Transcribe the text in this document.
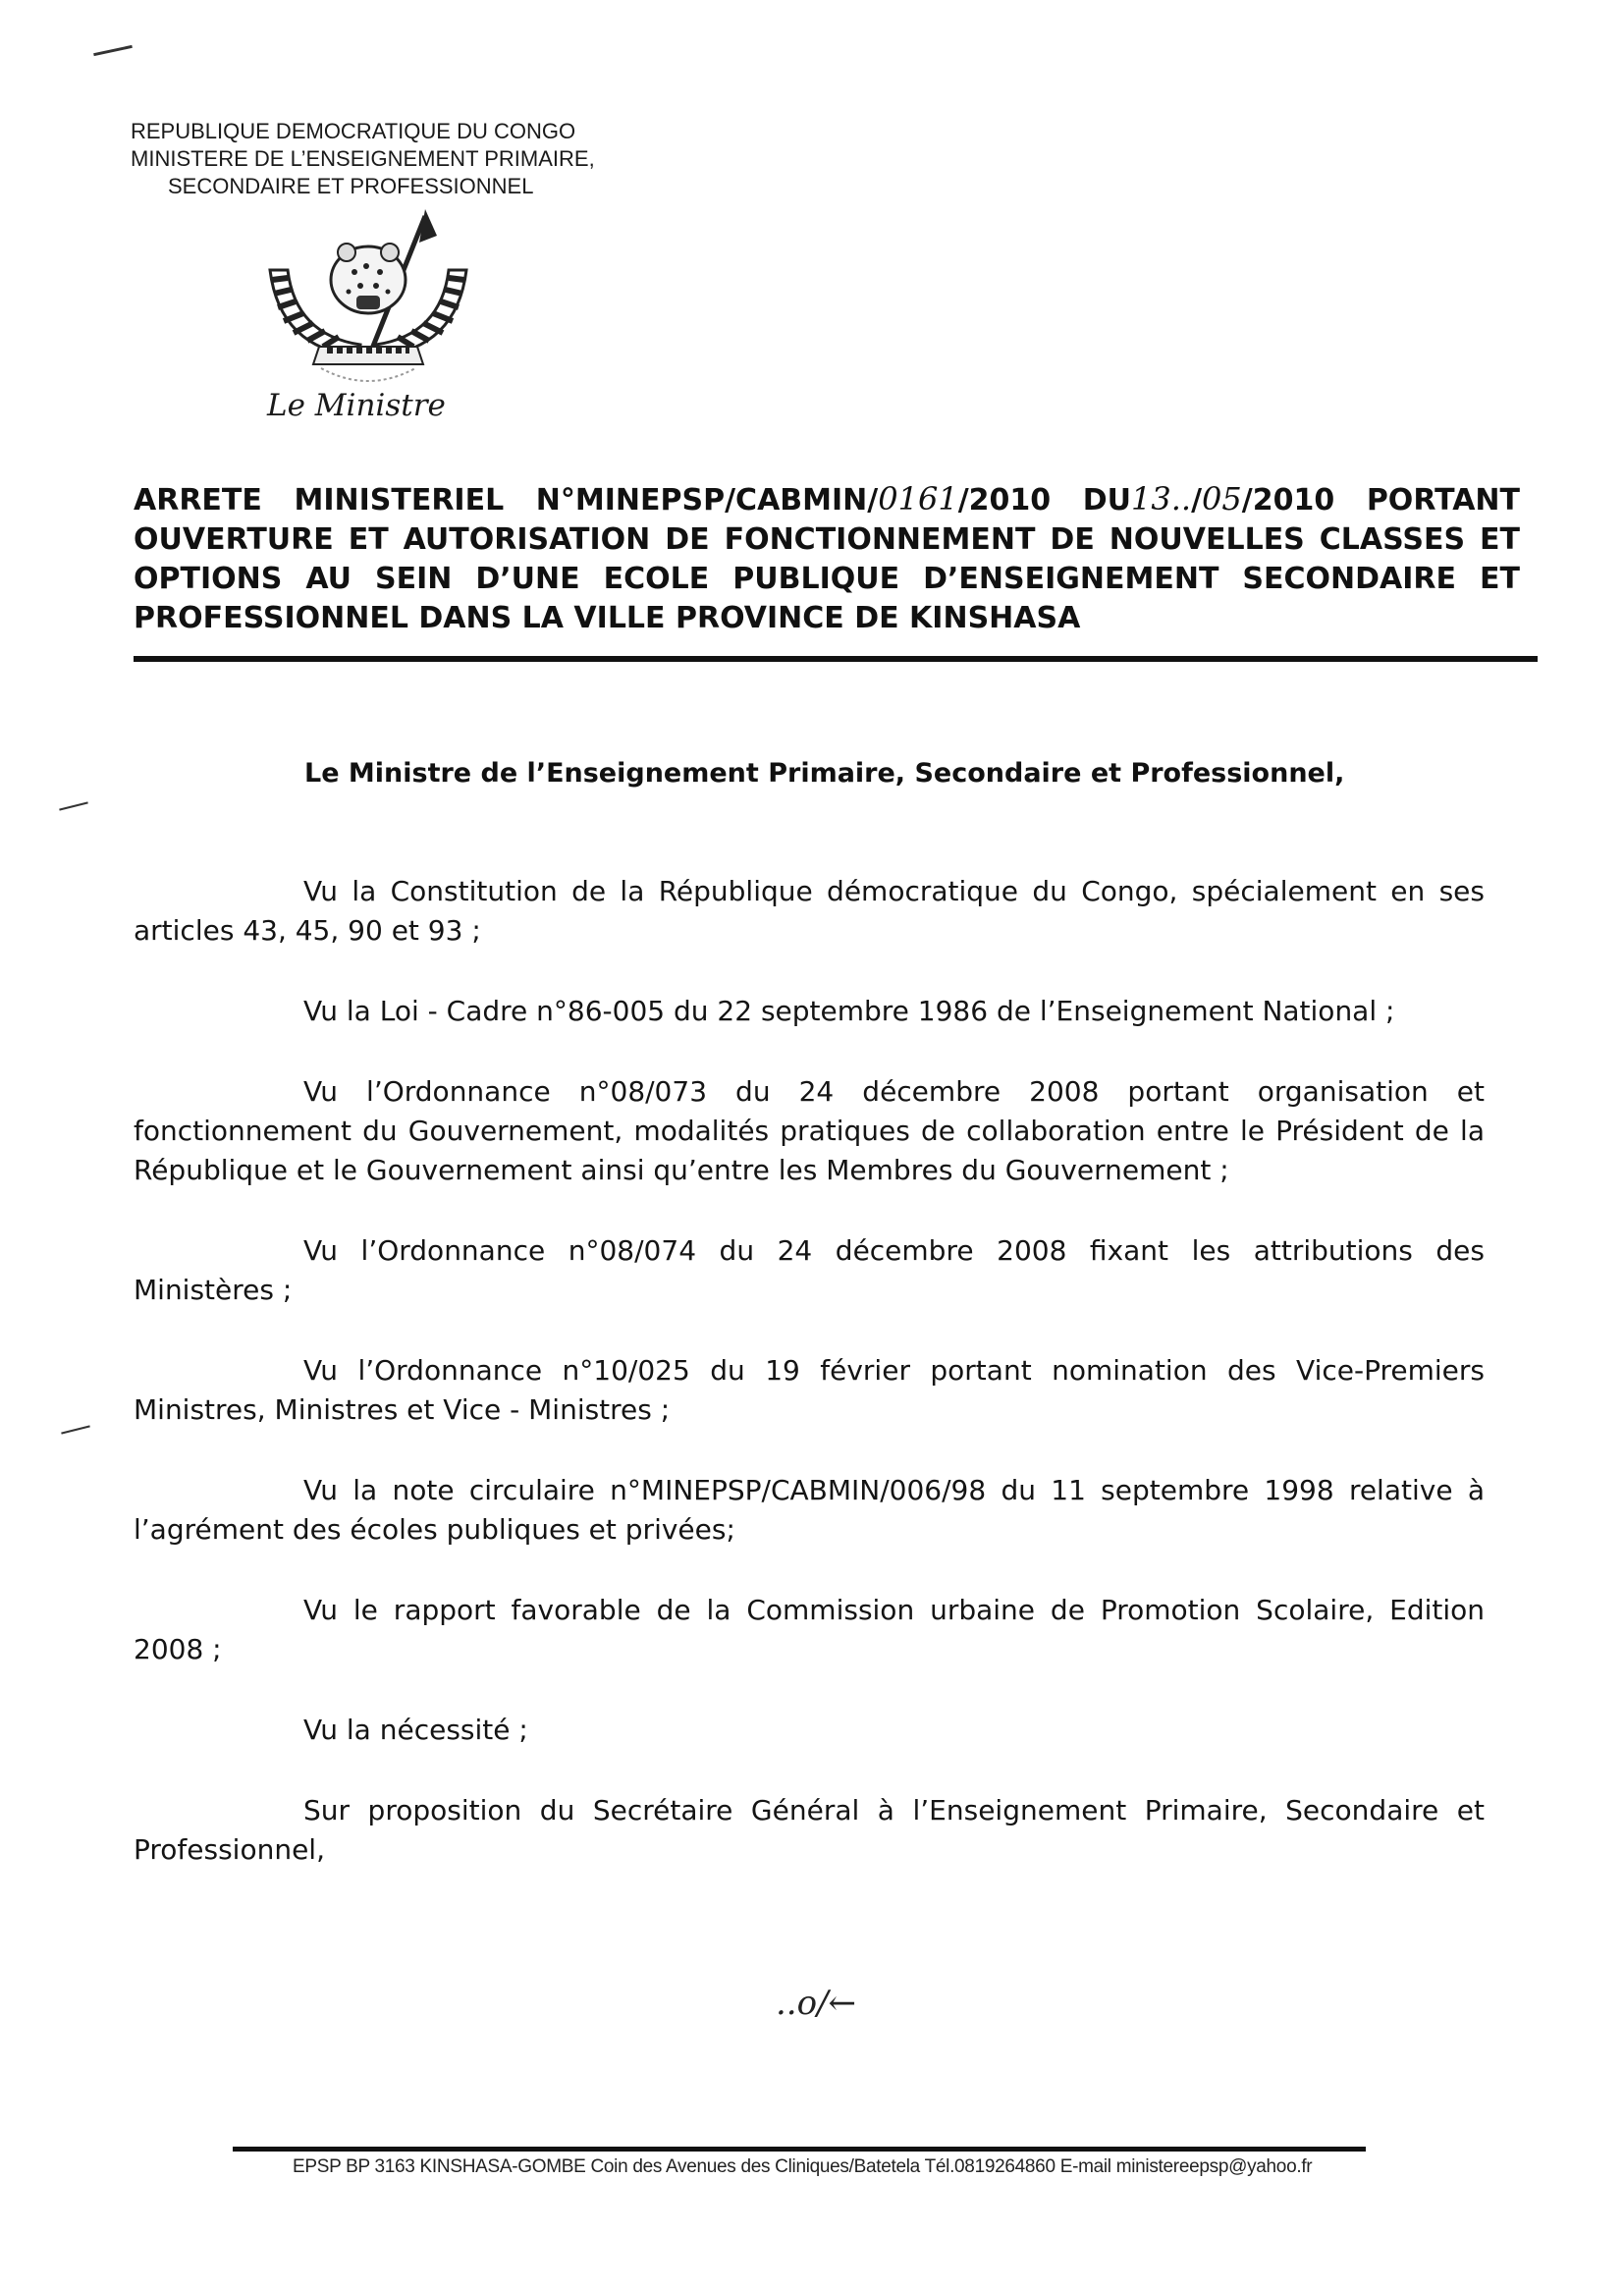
REPUBLIQUE DEMOCRATIQUE DU CONGO
MINISTERE DE L’ENSEIGNEMENT PRIMAIRE,
SECONDAIRE ET PROFESSIONNEL
Le Ministre
ARRETE MINISTERIEL N°MINEPSP/CABMIN/0161/2010 DU13../05/2010 PORTANT OUVERTURE ET AUTORISATION DE FONCTIONNEMENT DE NOUVELLES CLASSES ET OPTIONS AU SEIN D’UNE ECOLE PUBLIQUE D’ENSEIGNEMENT SECONDAIRE ET
PROFESSIONNEL DANS LA VILLE PROVINCE DE KINSHASA
Le Ministre de l’Enseignement Primaire, Secondaire et Professionnel,

Vu la Constitution de la République démocratique du Congo, spécialement en ses articles 43, 45, 90 et 93 ;

Vu la Loi - Cadre n°86-005 du 22 septembre 1986 de l’Enseignement National ;

Vu l’Ordonnance n°08/073 du 24 décembre 2008 portant organisation et fonctionnement du Gouvernement, modalités pratiques de collaboration entre le Président de la République et le Gouvernement ainsi qu’entre les Membres du Gouvernement ;

Vu l’Ordonnance n°08/074 du 24 décembre 2008 fixant les attributions des Ministères ;

Vu l’Ordonnance n°10/025 du 19 février portant nomination des Vice-Premiers Ministres, Ministres et Vice - Ministres ;

Vu la note circulaire n°MINEPSP/CABMIN/006/98 du 11 septembre 1998 relative à l’agrément des écoles publiques et privées;

Vu le rapport favorable de la Commission urbaine de Promotion Scolaire, Edition 2008 ;

Vu la nécessité ;

Sur proposition du Secrétaire Général à l’Enseignement Primaire, Secondaire et Professionnel,

..o/←
EPSP BP 3163 KINSHASA-GOMBE Coin des Avenues des Cliniques/Batetela Tél.0819264860 E-mail ministereepsp@yahoo.fr
